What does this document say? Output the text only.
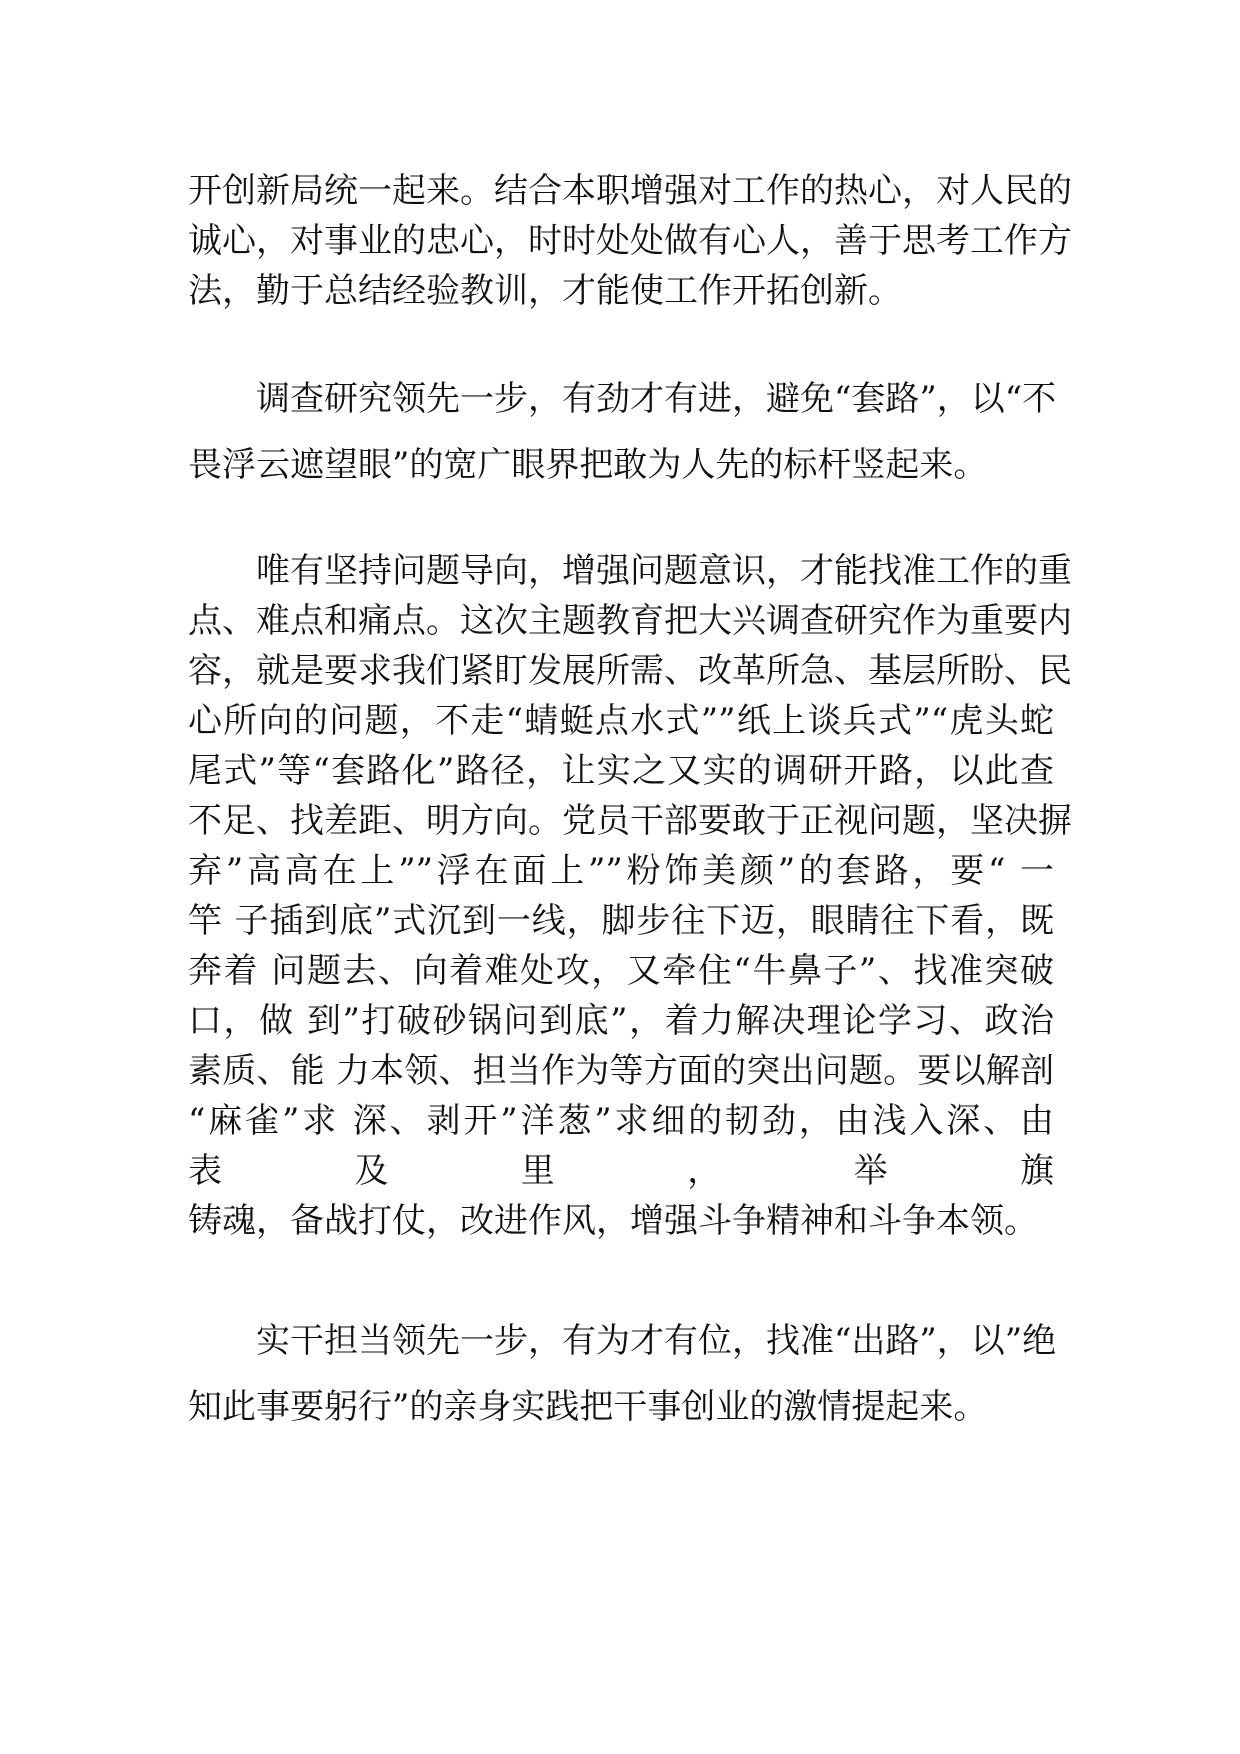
开创新局统一起来。结合本职增强对工作的热心，对人民的
诚心，对事业的忠心，时时处处做有心人，善于思考工作方
法，勤于总结经验教训，才能使工作开拓创新。
调查研究领先一步，有劲才有进，避免“套路”，以“不
畏浮云遮望眼”的宽广眼界把敢为人先的标杆竖起来。
唯有坚持问题导向，增强问题意识，才能找准工作的重
点、难点和痛点。这次主题教育把大兴调查研究作为重要内
容，就是要求我们紧盯发展所需、改革所急、基层所盼、民
心所向的问题，不走“蜻蜓点水式””纸上谈兵式”“虎头蛇
尾式”等“套路化”路径，让实之又实的调研开路，以此查
不足、找差距、明方向。党员干部要敢于正视问题，坚决摒
弃”高高在上””浮在面上””粉饰美颜”的套路，要“ 一
竿 子插到底”式沉到一线，脚步往下迈，眼睛往下看，既
奔着 问题去、向着难处攻，又牵住“牛鼻子”、找准突破
口，做 到”打破砂锅问到底”，着力解决理论学习、政治
素质、能 力本领、担当作为等方面的突出问题。要以解剖
“麻雀”求 深、剥开”洋葱”求细的韧劲，由浅入深、由
表及里，举旗
铸魂，备战打仗，改进作风，增强斗争精神和斗争本领。
实干担当领先一步，有为才有位，找准“出路”，以”绝
知此事要躬行”的亲身实践把干事创业的激情提起来。
